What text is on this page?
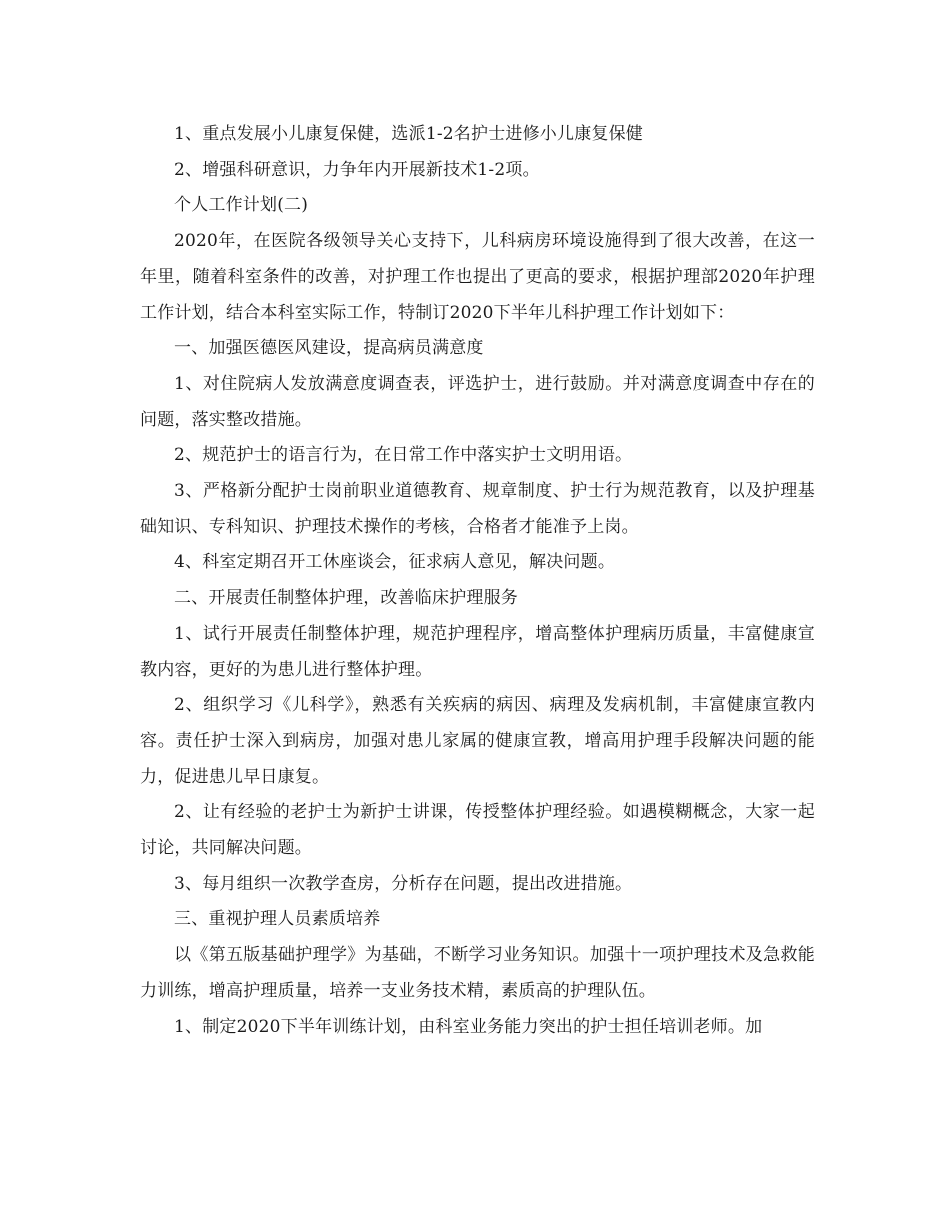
1、重点发展小儿康复保健，选派1-2名护士进修小儿康复保健

2、增强科研意识，力争年内开展新技术1-2项。

个人工作计划(二)

2020年，在医院各级领导关心支持下，儿科病房环境设施得到了很大改善，在这一年里，随着科室条件的改善，对护理工作也提出了更高的要求，根据护理部2020年护理工作计划，结合本科室实际工作，特制订2020下半年儿科护理工作计划如下：

一、加强医德医风建设，提高病员满意度

1、对住院病人发放满意度调查表，评选护士，进行鼓励。并对满意度调查中存在的问题，落实整改措施。

2、规范护士的语言行为，在日常工作中落实护士文明用语。

3、严格新分配护士岗前职业道德教育、规章制度、护士行为规范教育，以及护理基础知识、专科知识、护理技术操作的考核，合格者才能准予上岗。

4、科室定期召开工休座谈会，征求病人意见，解决问题。

二、开展责任制整体护理，改善临床护理服务

1、试行开展责任制整体护理，规范护理程序，增高整体护理病历质量，丰富健康宣教内容，更好的为患儿进行整体护理。

2、组织学习《儿科学》，熟悉有关疾病的病因、病理及发病机制，丰富健康宣教内容。责任护士深入到病房，加强对患儿家属的健康宣教，增高用护理手段解决问题的能力，促进患儿早日康复。

2、让有经验的老护士为新护士讲课，传授整体护理经验。如遇模糊概念，大家一起讨论，共同解决问题。

3、每月组织一次教学查房，分析存在问题，提出改进措施。

三、重视护理人员素质培养

以《第五版基础护理学》为基础，不断学习业务知识。加强十一项护理技术及急救能力训练，增高护理质量，培养一支业务技术精，素质高的护理队伍。

1、制定2020下半年训练计划，由科室业务能力突出的护士担任培训老师。加
